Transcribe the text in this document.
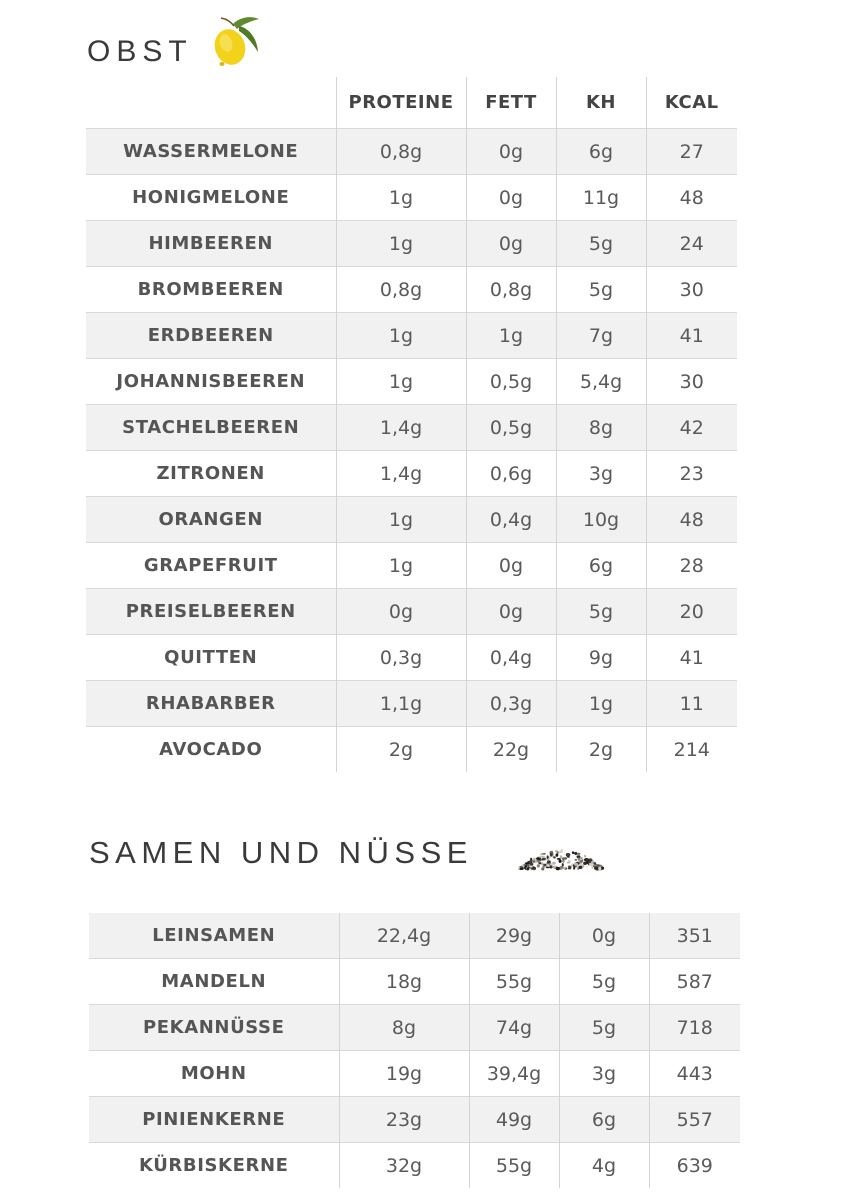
OBST
	PROTEINE	FETT	KH	KCAL
WASSERMELONE	0,8g	0g	6g	27
HONIGMELONE	1g	0g	11g	48
HIMBEEREN	1g	0g	5g	24
BROMBEEREN	0,8g	0,8g	5g	30
ERDBEEREN	1g	1g	7g	41
JOHANNISBEEREN	1g	0,5g	5,4g	30
STACHELBEEREN	1,4g	0,5g	8g	42
ZITRONEN	1,4g	0,6g	3g	23
ORANGEN	1g	0,4g	10g	48
GRAPEFRUIT	1g	0g	6g	28
PREISELBEEREN	0g	0g	5g	20
QUITTEN	0,3g	0,4g	9g	41
RHABARBER	1,1g	0,3g	1g	11
AVOCADO	2g	22g	2g	214
SAMEN UND NÜSSE
LEINSAMEN	22,4g	29g	0g	351
MANDELN	18g	55g	5g	587
PEKANNÜSSE	8g	74g	5g	718
MOHN	19g	39,4g	3g	443
PINIENKERNE	23g	49g	6g	557
KÜRBISKERNE	32g	55g	4g	639
